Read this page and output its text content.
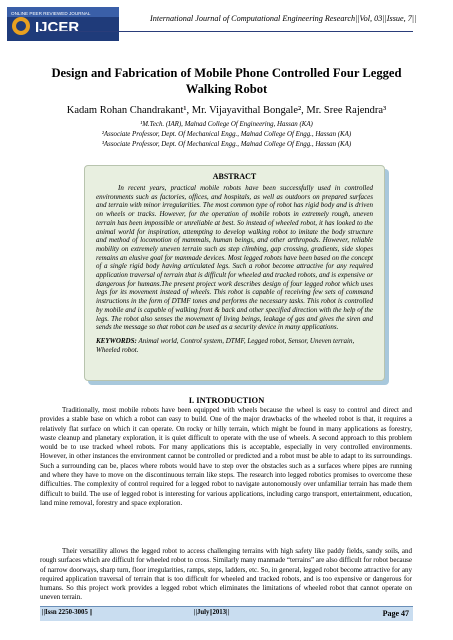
IJCER
ONLINE PEER REVIEWED JOURNAL
International Journal of Computational Engineering Research||Vol, 03||Issue, 7||
Design and Fabrication of Mobile Phone Controlled Four Legged Walking Robot
Kadam Rohan Chandrakant¹, Mr. Vijayavithal Bongale², Mr. Sree Rajendra³
¹M.Tech. (IAR), Malnad College Of Engineering, Hassan (KA)
²Associate Professor, Dept. Of Mechanical Engg., Malnad College Of Engg., Hassan (KA)
³Associate Professor, Dept. Of Mechanical Engg., Malnad College Of Engg., Hassan (KA)
ABSTRACT

In recent years, practical mobile robots have been successfully used in controlled environments such as factories, offices, and hospitals, as well as outdoors on prepared surfaces and terrain with minor irregularities. The most common type of robot has rigid body and is driven on wheels or tracks. However, for the operation of mobile robots in extremely rough, uneven terrain has been impossible or unreliable at best. So instead of wheeled robot, it has looked to the animal world for inspiration, attempting to develop walking robot to imitate the body structure and method of locomotion of mammals, human beings, and other arthropods. However, reliable mobility on extremely uneven terrain such as step climbing, gap crossing, gradients, side slopes remains an elusive goal for manmade devices. Most legged robots have been based on the concept of a single rigid body having articulated legs. Such a robot become attractive for any required application traversal of terrain that is difficult for wheeled and tracked robots, and is expensive or dangerous for humans.The present project work describes design of four legged robot which uses legs for its movement instead of wheels. This robot is capable of receiving few sets of command instructions in the form of DTMF tones and performs the necessary tasks. This robot is controlled by mobile and is capable of walking front & back and other specified direction with the help of the legs. The robot also senses the movement of living beings, leakage of gas and gives the siren and sends the message so that robot can be used as a security device in many applications.

KEYWORDS: Animal world, Control system, DTMF, Legged robot, Sensor, Uneven terrain, Wheeled robot.

I. INTRODUCTION

Traditionally, most mobile robots have been equipped with wheels because the wheel is easy to control and direct and provides a stable base on which a robot can easy to build. One of the major drawbacks of the wheeled robot is that, it requires a relatively flat surface on which it can operate. On rocky or hilly terrain, which might be found in many applications as forestry, waste cleanup and planetary exploration, it is quiet difficult to operate with the use of wheels. A second approach to this problem would be to use tracked wheel robots. For many applications this is acceptable, especially in very controlled environments. However, in other instances the environment cannot be controlled or predicted and a robot must be able to adapt to its surroundings. Such a surrounding can be, places where robots would have to step over the obstacles such as a surfaces where pipes are running and where they have to move on the discontinuous terrain like steps. The research into legged robotics promises to overcome these difficulties. The complexity of control required for a legged robot to navigate autonomously over unfamiliar terrain has made them difficult to build. The use of legged robot is interesting for various applications, including cargo transport, entertainment, education, land mine removal, forestry and space exploration.

Their versatility allows the legged robot to access challenging terrains with high safety like paddy fields, sandy soils, and rough surfaces which are difficult for wheeled robot to cross. Similarly many manmade “terrains” are also difficult for robot because of narrow doorways, sharp turn, floor irregularities, ramps, steps, ladders, etc. So, in general, legged robot become attractive for any required application traversal of terrain that is too difficult for wheeled and tracked robots, and is too expensive or dangerous for humans. So this project work provides a legged robot which eliminates the limitations of wheeled robot that cannot operate on uneven terrain.

||Issn 2250-3005 ||	||July||2013||	Page 47
